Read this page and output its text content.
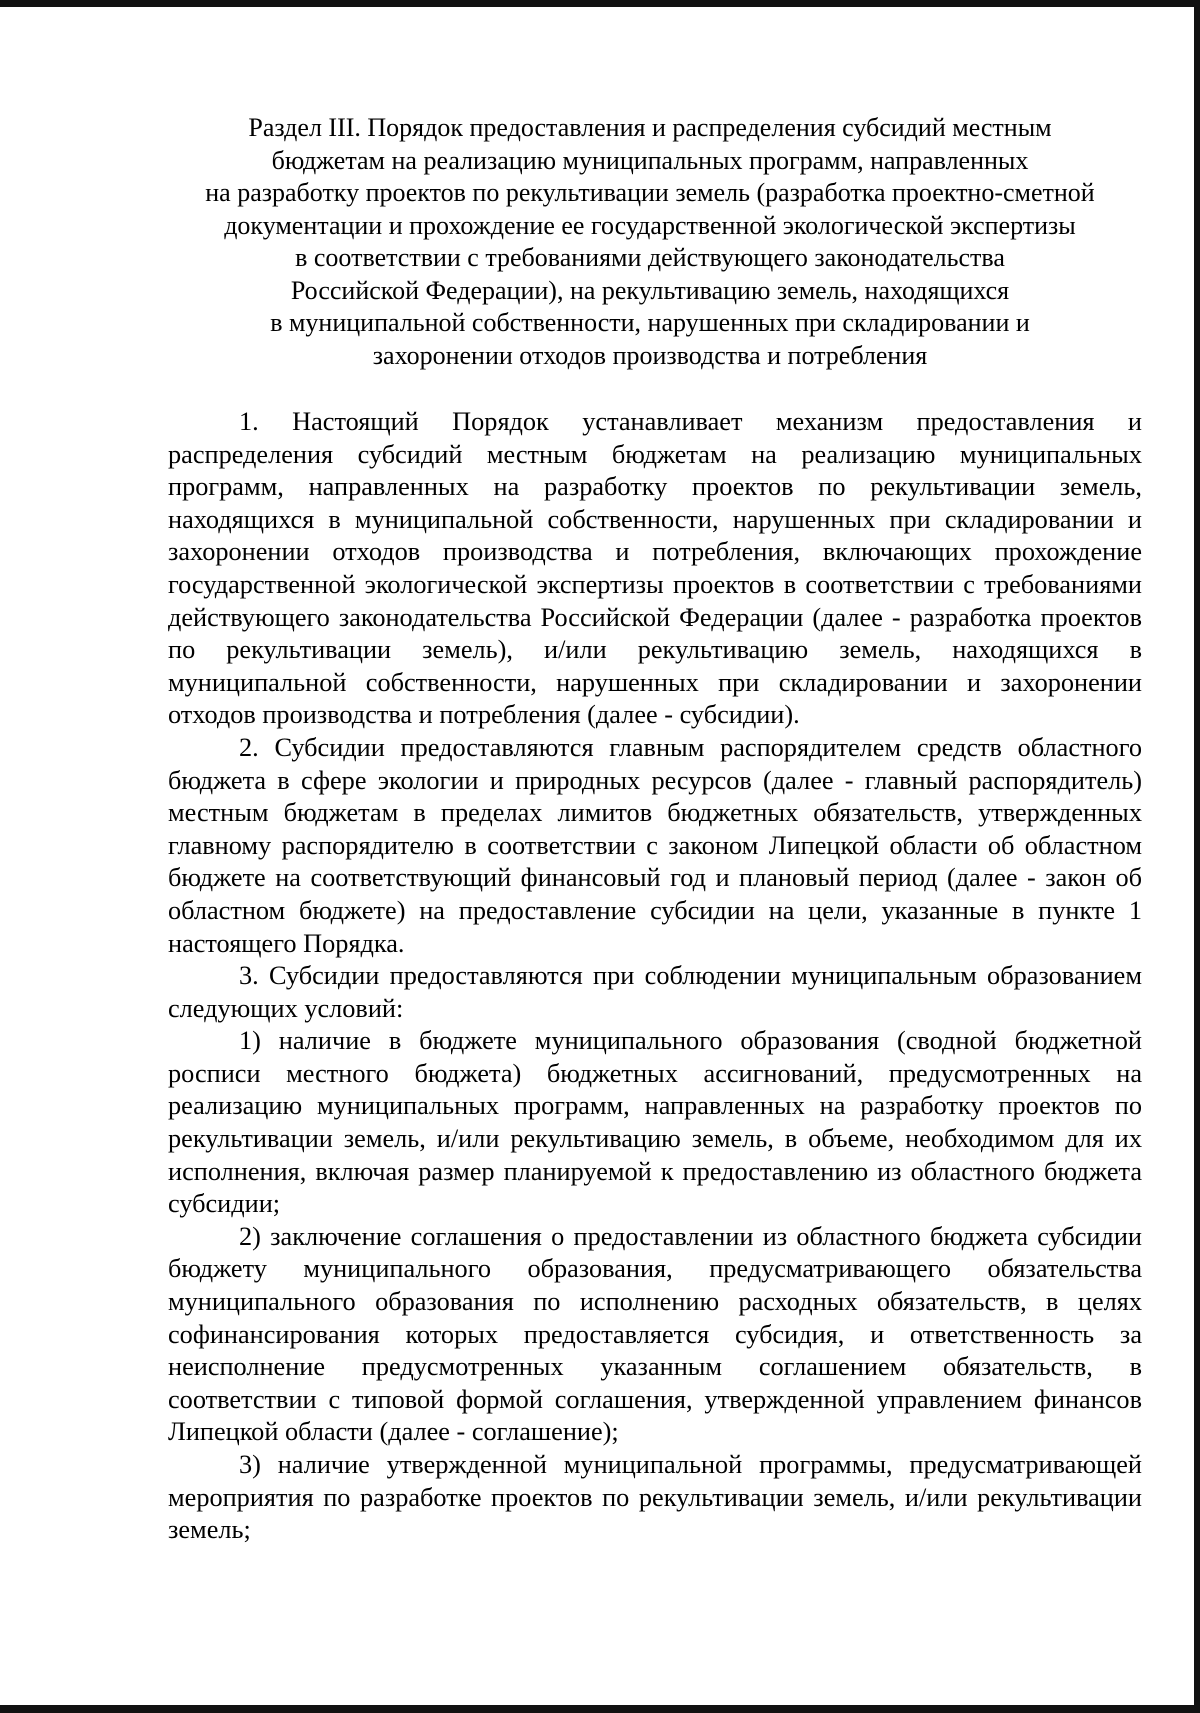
Раздел III. Порядок предоставления и распределения субсидий местным
бюджетам на реализацию муниципальных программ, направленных
на разработку проектов по рекультивации земель (разработка проектно-сметной
документации и прохождение ее государственной экологической экспертизы
в соответствии с требованиями действующего законодательства
Российской Федерации), на рекультивацию земель, находящихся
в муниципальной собственности, нарушенных при складировании и
захоронении отходов производства и потребления

1. Настоящий Порядок устанавливает механизм предоставления и распределения субсидий местным бюджетам на реализацию муниципальных программ, направленных на разработку проектов по рекультивации земель, находящихся в муниципальной собственности, нарушенных при складировании и захоронении отходов производства и потребления, включающих прохождение государственной экологической экспертизы проектов в соответствии с требованиями действующего законодательства Российской Федерации (далее - разработка проектов по рекультивации земель), и/или рекультивацию земель, находящихся в муниципальной собственности, нарушенных при складировании и захоронении отходов производства и потребления (далее - субсидии).

2. Субсидии предоставляются главным распорядителем средств областного бюджета в сфере экологии и природных ресурсов (далее - главный распорядитель) местным бюджетам в пределах лимитов бюджетных обязательств, утвержденных главному распорядителю в соответствии с законом Липецкой области об областном бюджете на соответствующий финансовый год и плановый период (далее - закон об областном бюджете) на предоставление субсидии на цели, указанные в пункте 1 настоящего Порядка.

3. Субсидии предоставляются при соблюдении муниципальным образованием следующих условий:

1) наличие в бюджете муниципального образования (сводной бюджетной росписи местного бюджета) бюджетных ассигнований, предусмотренных на реализацию муниципальных программ, направленных на разработку проектов по рекультивации земель, и/или рекультивацию земель, в объеме, необходимом для их исполнения, включая размер планируемой к предоставлению из областного бюджета субсидии;

2) заключение соглашения о предоставлении из областного бюджета субсидии бюджету муниципального образования, предусматривающего обязательства муниципального образования по исполнению расходных обязательств, в целях софинансирования которых предоставляется субсидия, и ответственность за неисполнение предусмотренных указанным соглашением обязательств, в соответствии с типовой формой соглашения, утвержденной управлением финансов Липецкой области (далее - соглашение);

3) наличие утвержденной муниципальной программы, предусматривающей мероприятия по разработке проектов по рекультивации земель, и/или рекультивации земель;
